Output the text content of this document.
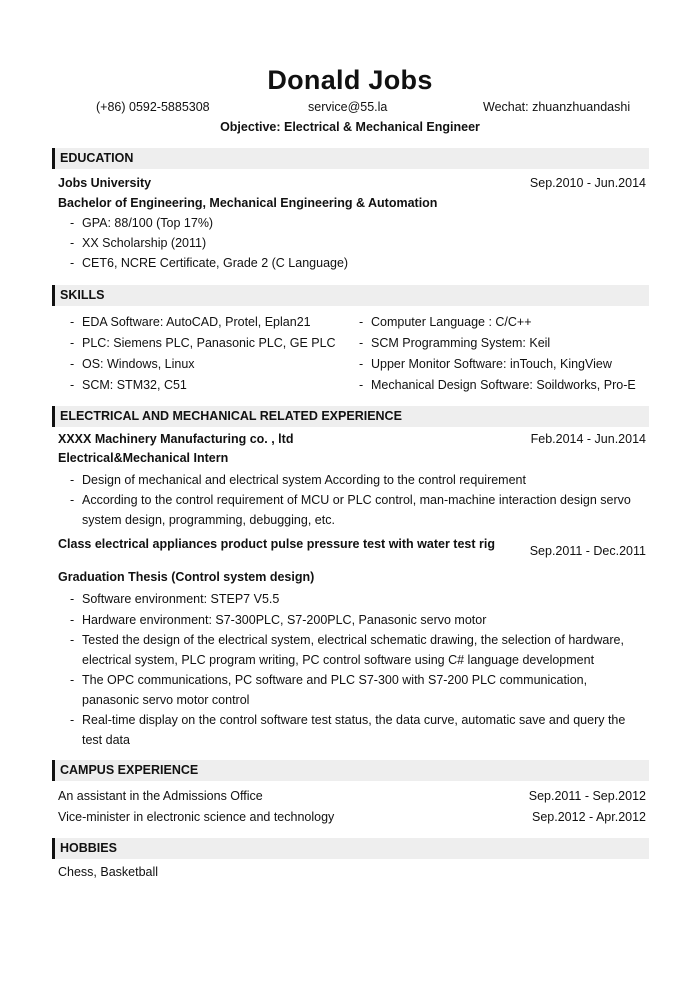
Donald Jobs
(+86) 0592-5885308	service@55.la	Wechat: zhuanzhuandashi
Objective: Electrical & Mechanical Engineer
EDUCATION
Jobs University	Sep.2010 - Jun.2014
Bachelor of Engineering, Mechanical Engineering & Automation
- GPA: 88/100 (Top 17%)
- XX Scholarship (2011)
- CET6, NCRE Certificate, Grade 2 (C Language)
SKILLS
- EDA Software: AutoCAD, Protel, Eplan21
- PLC: Siemens PLC, Panasonic PLC, GE PLC
- OS: Windows, Linux
- SCM: STM32, C51
- Computer Language : C/C++
- SCM Programming System: Keil
- Upper Monitor Software: inTouch, KingView
- Mechanical Design Software: Soildworks, Pro-E
ELECTRICAL AND MECHANICAL RELATED EXPERIENCE
XXXX Machinery Manufacturing co. , ltd	Feb.2014 - Jun.2014
Electrical&Mechanical Intern
- Design of mechanical and electrical system According to the control requirement
- According to the control requirement of MCU or PLC control, man-machine interaction design servo system design, programming, debugging, etc.
Class electrical appliances product pulse pressure test with water test rig	Sep.2011 - Dec.2011
Graduation Thesis (Control system design)
- Software environment: STEP7 V5.5
- Hardware environment: S7-300PLC, S7-200PLC, Panasonic servo motor
- Tested the design of the electrical system, electrical schematic drawing, the selection of hardware, electrical system, PLC program writing, PC control software using C# language development
- The OPC communications, PC software and PLC S7-300 with S7-200 PLC communication, panasonic servo motor control
- Real-time display on the control software test status, the data curve, automatic save and query the test data
CAMPUS EXPERIENCE
An assistant in the Admissions Office	Sep.2011 - Sep.2012
Vice-minister in electronic science and technology	Sep.2012 - Apr.2012
HOBBIES
Chess, Basketball
